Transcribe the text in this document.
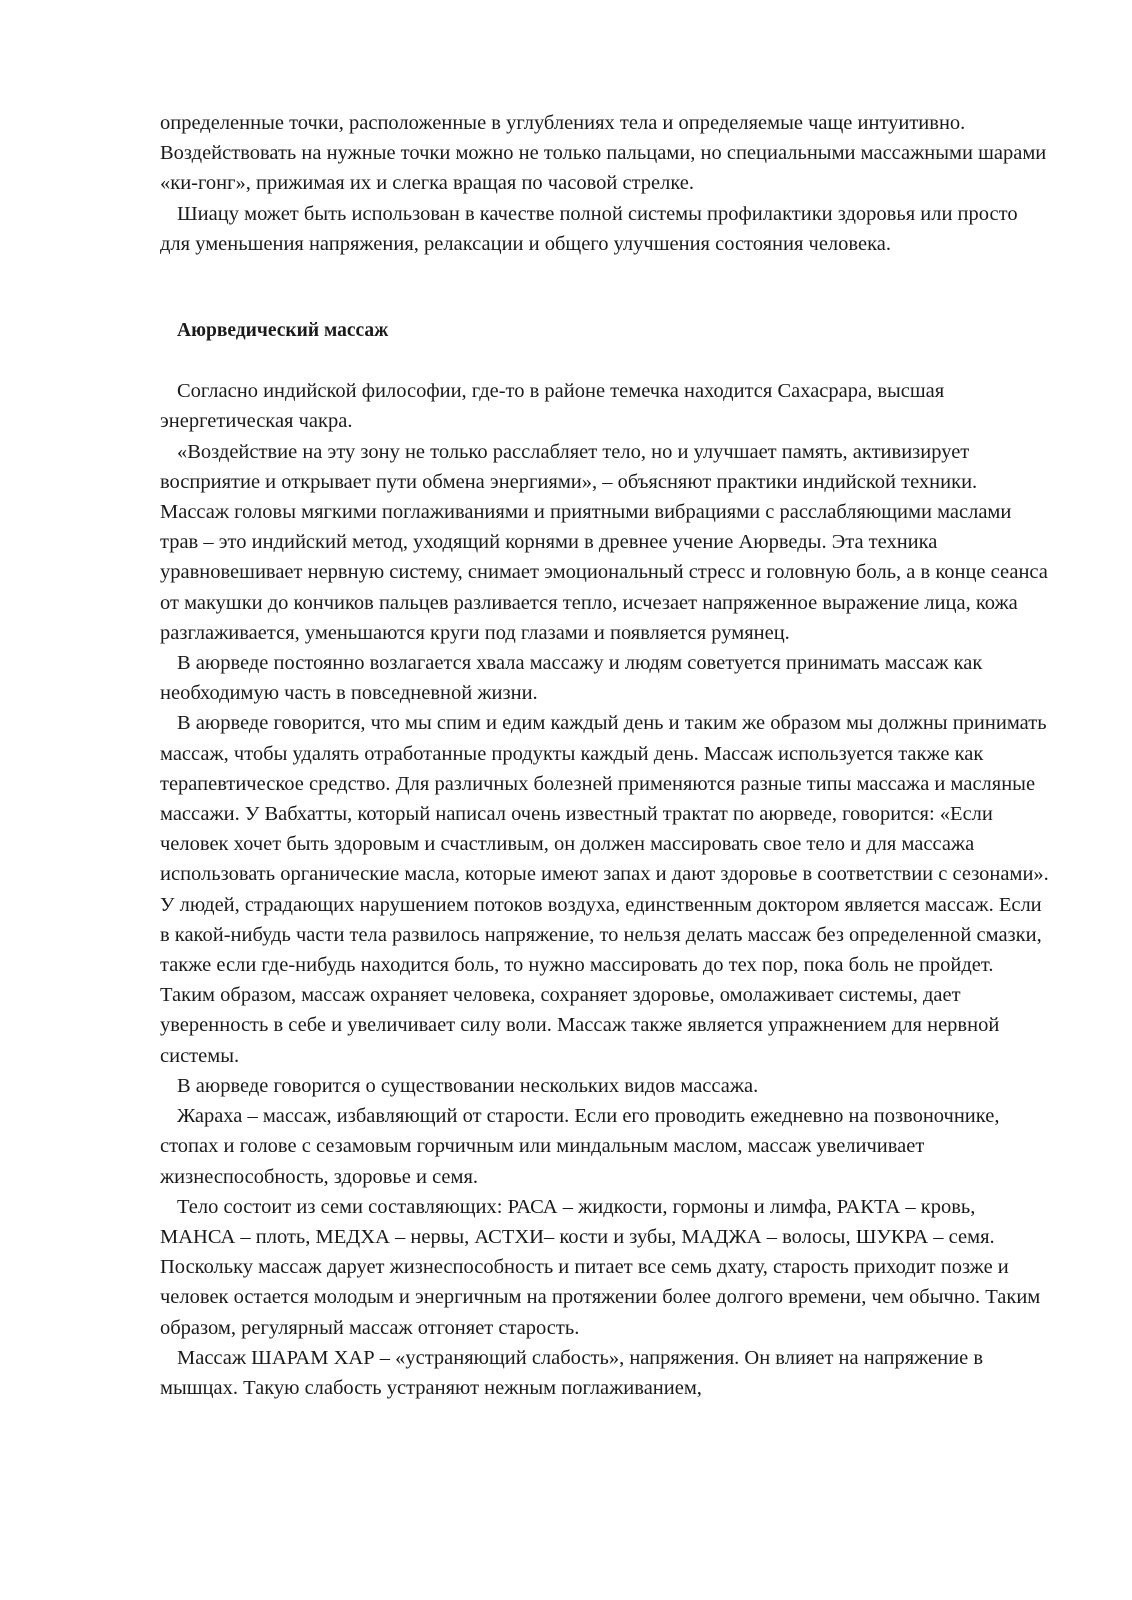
определенные точки, расположенные в углублениях тела и определяемые чаще интуитивно. Воздействовать на нужные точки можно не только пальцами, но специальными массажными шарами «ки-гонг», прижимая их и слегка вращая по часовой стрелке.

Шиацу может быть использован в качестве полной системы профилактики здоровья или просто для уменьшения напряжения, релаксации и общего улучшения состояния человека.

Аюрведический массаж

Согласно индийской философии, где-то в районе темечка находится Сахасрара, высшая энергетическая чакра.

«Воздействие на эту зону не только расслабляет тело, но и улучшает память, активизирует восприятие и открывает пути обмена энергиями», – объясняют практики индийской техники. Массаж головы мягкими поглаживаниями и приятными вибрациями с расслабляющими маслами трав – это индийский метод, уходящий корнями в древнее учение Аюрведы. Эта техника уравновешивает нервную систему, снимает эмоциональный стресс и головную боль, а в конце сеанса от макушки до кончиков пальцев разливается тепло, исчезает напряженное выражение лица, кожа разглаживается, уменьшаются круги под глазами и появляется румянец.

В аюрведе постоянно возлагается хвала массажу и людям советуется принимать массаж как необходимую часть в повседневной жизни.

В аюрведе говорится, что мы спим и едим каждый день и таким же образом мы должны принимать массаж, чтобы удалять отработанные продукты каждый день. Массаж используется также как терапевтическое средство. Для различных болезней применяются разные типы массажа и масляные массажи. У Вабхатты, который написал очень известный трактат по аюрведе, говорится: «Если человек хочет быть здоровым и счастливым, он должен массировать свое тело и для массажа использовать органические масла, которые имеют запах и дают здоровье в соответствии с сезонами». У людей, страдающих нарушением потоков воздуха, единственным доктором является массаж. Если в какой-нибудь части тела развилось напряжение, то нельзя делать массаж без определенной смазки, также если где-нибудь находится боль, то нужно массировать до тех пор, пока боль не пройдет. Таким образом, массаж охраняет человека, сохраняет здоровье, омолаживает системы, дает уверенность в себе и увеличивает силу воли. Массаж также является упражнением для нервной системы.

В аюрведе говорится о существовании нескольких видов массажа.

Жараха – массаж, избавляющий от старости. Если его проводить ежедневно на позвоночнике, стопах и голове с сезамовым горчичным или миндальным маслом, массаж увеличивает жизнеспособность, здоровье и семя.

Тело состоит из семи составляющих: РАСА – жидкости, гормоны и лимфа, РАКТА – кровь, МАНСА – плоть, МЕДХА – нервы, АСТХИ– кости и зубы, МАДЖА – волосы, ШУКРА – семя. Поскольку массаж дарует жизнеспособность и питает все семь дхату, старость приходит позже и человек остается молодым и энергичным на протяжении более долгого времени, чем обычно. Таким образом, регулярный массаж отгоняет старость.

Массаж ШАРАМ ХАР – «устраняющий слабость», напряжения. Он влияет на напряжение в мышцах. Такую слабость устраняют нежным поглаживанием,
